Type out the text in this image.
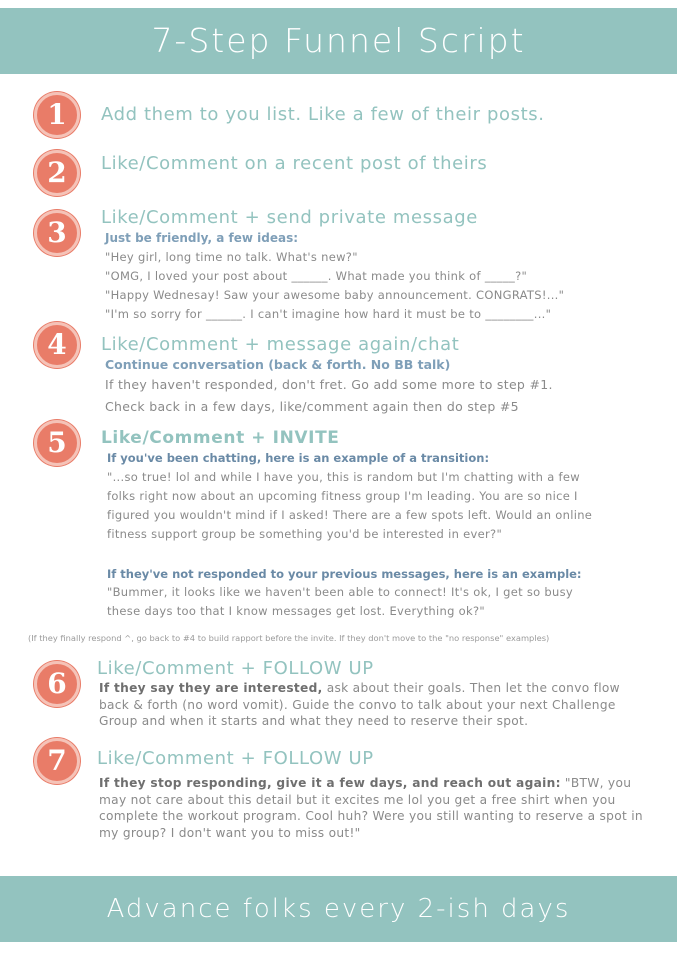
7-Step Funnel Script
1	Add them to you list. Like a few of their posts.
2	Like/Comment on a recent post of theirs
3	Like/Comment + send private message
Just be friendly, a few ideas:
"Hey girl, long time no talk. What's new?"
"OMG, I loved your post about ______. What made you think of _____?"
"Happy Wednesay! Saw your awesome baby announcement. CONGRATS!..."
"I'm so sorry for ______. I can't imagine how hard it must be to ________..."
4	Like/Comment + message again/chat
Continue conversation (back & forth. No BB talk)
If they haven't responded, don't fret. Go add some more to step #1.
Check back in a few days, like/comment again then do step #5
5	Like/Comment + INVITE
If you've been chatting, here is an example of a transition:
"...so true! lol and while I have you, this is random but I'm chatting with a few
folks right now about an upcoming fitness group I'm leading. You are so nice I
figured you wouldn't mind if I asked! There are a few spots left. Would an online
fitness support group be something you'd be interested in ever?"
If they've not responded to your previous messages, here is an example:
"Bummer, it looks like we haven't been able to connect! It's ok, I get so busy
these days too that I know messages get lost. Everything ok?"
(If they finally respond ^, go back to #4 to build rapport before the invite. If they don't move to the "no response" examples)
6	Like/Comment + FOLLOW UP
If they say they are interested, ask about their goals. Then let the convo flow back & forth (no word vomit). Guide the convo to talk about your next Challenge Group and when it starts and what they need to reserve their spot.
7	Like/Comment + FOLLOW UP
If they stop responding, give it a few days, and reach out again: "BTW, you may not care about this detail but it excites me lol you get a free shirt when you complete the workout program. Cool huh? Were you still wanting to reserve a spot in my group? I don't want you to miss out!"
Advance folks every 2-ish days
